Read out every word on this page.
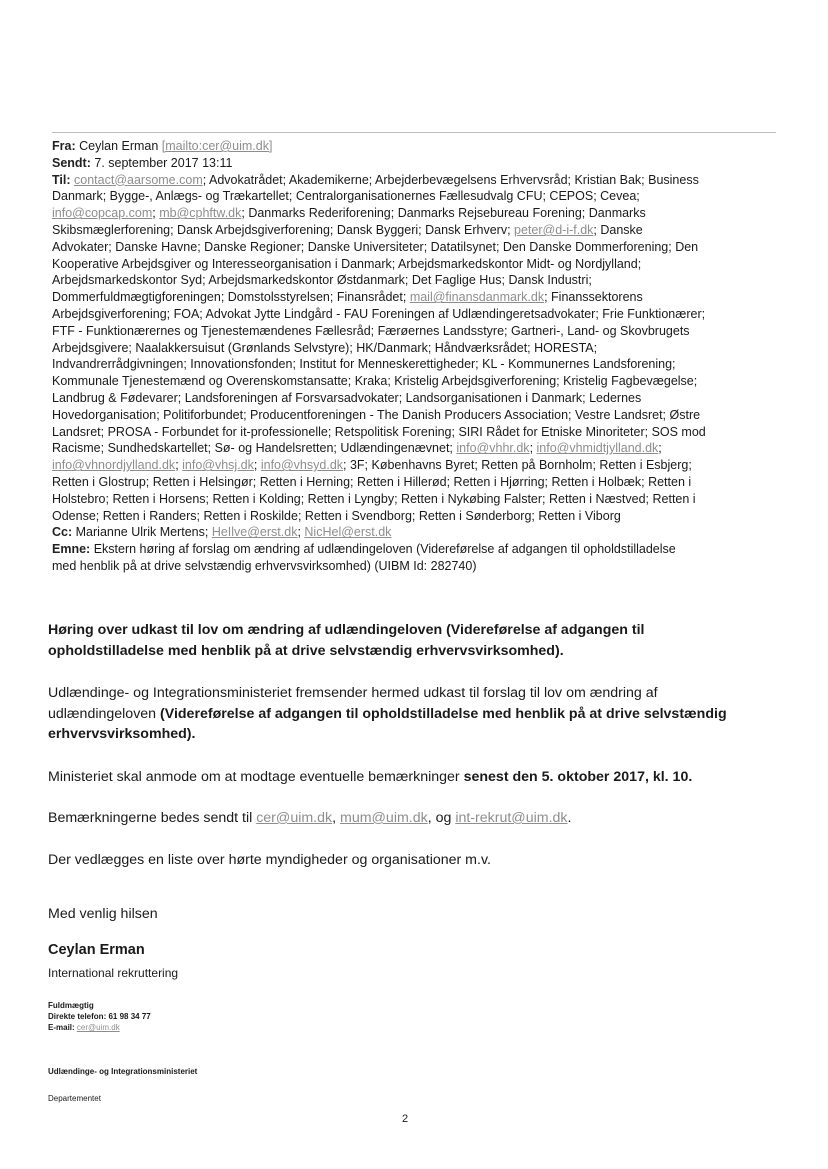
Fra: Ceylan Erman [mailto:cer@uim.dk]
Sendt: 7. september 2017 13:11
Til: contact@aarsome.com; Advokatrådet; Akademikerne; Arbejderbevægelsens Erhvervsråd; Kristian Bak; Business
Danmark; Bygge-, Anlægs- og Trækartellet; Centralorganisationernes Fællesudvalg CFU; CEPOS; Cevea;
info@copcap.com; mb@cphftw.dk; Danmarks Rederiforening; Danmarks Rejsebureau Forening; Danmarks
Skibsmæglerforening; Dansk Arbejdsgiverforening; Dansk Byggeri; Dansk Erhverv; peter@d-i-f.dk; Danske
Advokater; Danske Havne; Danske Regioner; Danske Universiteter; Datatilsynet; Den Danske Dommerforening; Den
Kooperative Arbejdsgiver og Interesseorganisation i Danmark; Arbejdsmarkedskontor Midt- og Nordjylland;
Arbejdsmarkedskontor Syd; Arbejdsmarkedskontor Østdanmark; Det Faglige Hus; Dansk Industri;
Dommerfuldmægtigforeningen; Domstolsstyrelsen; Finansrådet; mail@finansdanmark.dk; Finanssektorens
Arbejdsgiverforening; FOA; Advokat Jytte Lindgård - FAU Foreningen af Udlændingeretsadvokater; Frie Funktionærer;
FTF - Funktionærernes og Tjenestemændenes Fællesråd; Færøernes Landsstyre; Gartneri-, Land- og Skovbrugets
Arbejdsgivere; Naalakkersuisut (Grønlands Selvstyre); HK/Danmark; Håndværksrådet; HORESTA;
Indvandrerrådgivningen; Innovationsfonden; Institut for Menneskerettigheder; KL - Kommunernes Landsforening;
Kommunale Tjenestemænd og Overenskomstansatte; Kraka; Kristelig Arbejdsgiverforening; Kristelig Fagbevægelse;
Landbrug & Fødevarer; Landsforeningen af Forsvarsadvokater; Landsorganisationen i Danmark; Ledernes
Hovedorganisation; Politiforbundet; Producentforeningen - The Danish Producers Association; Vestre Landsret; Østre
Landsret; PROSA - Forbundet for it-professionelle; Retspolitisk Forening; SIRI Rådet for Etniske Minoriteter; SOS mod
Racisme; Sundhedskartellet; Sø- og Handelsretten; Udlændingenævnet; info@vhhr.dk; info@vhmidtjylland.dk;
info@vhnordjylland.dk; info@vhsj.dk; info@vhsyd.dk; 3F; Københavns Byret; Retten på Bornholm; Retten i Esbjerg;
Retten i Glostrup; Retten i Helsingør; Retten i Herning; Retten i Hillerød; Retten i Hjørring; Retten i Holbæk; Retten i
Holstebro; Retten i Horsens; Retten i Kolding; Retten i Lyngby; Retten i Nykøbing Falster; Retten i Næstved; Retten i
Odense; Retten i Randers; Retten i Roskilde; Retten i Svendborg; Retten i Sønderborg; Retten i Viborg
Cc: Marianne Ulrik Mertens; HeIlve@erst.dk; NicHel@erst.dk
Emne: Ekstern høring af forslag om ændring af udlændingeloven (Videreførelse af adgangen til opholdstilladelse
med henblik på at drive selvstændig erhvervsvirksomhed) (UIBM Id: 282740)

Høring over udkast til lov om ændring af udlændingeloven (Videreførelse af adgangen til
opholdstilladelse med henblik på at drive selvstændig erhvervsvirksomhed).

Udlændinge- og Integrationsministeriet fremsender hermed udkast til forslag til lov om ændring af
udlændingeloven (Videreførelse af adgangen til opholdstilladelse med henblik på at drive selvstændig
erhvervsvirksomhed).

Ministeriet skal anmode om at modtage eventuelle bemærkninger senest den 5. oktober 2017, kl. 10.

Bemærkningerne bedes sendt til cer@uim.dk, mum@uim.dk, og int-rekrut@uim.dk.

Der vedlægges en liste over hørte myndigheder og organisationer m.v.

Med venlig hilsen

Ceylan Erman
International rekruttering
Fuldmægtig
Direkte telefon: 61 98 34 77
E-mail: cer@uim.dk
Udlændinge- og Integrationsministeriet
Departementet
2
